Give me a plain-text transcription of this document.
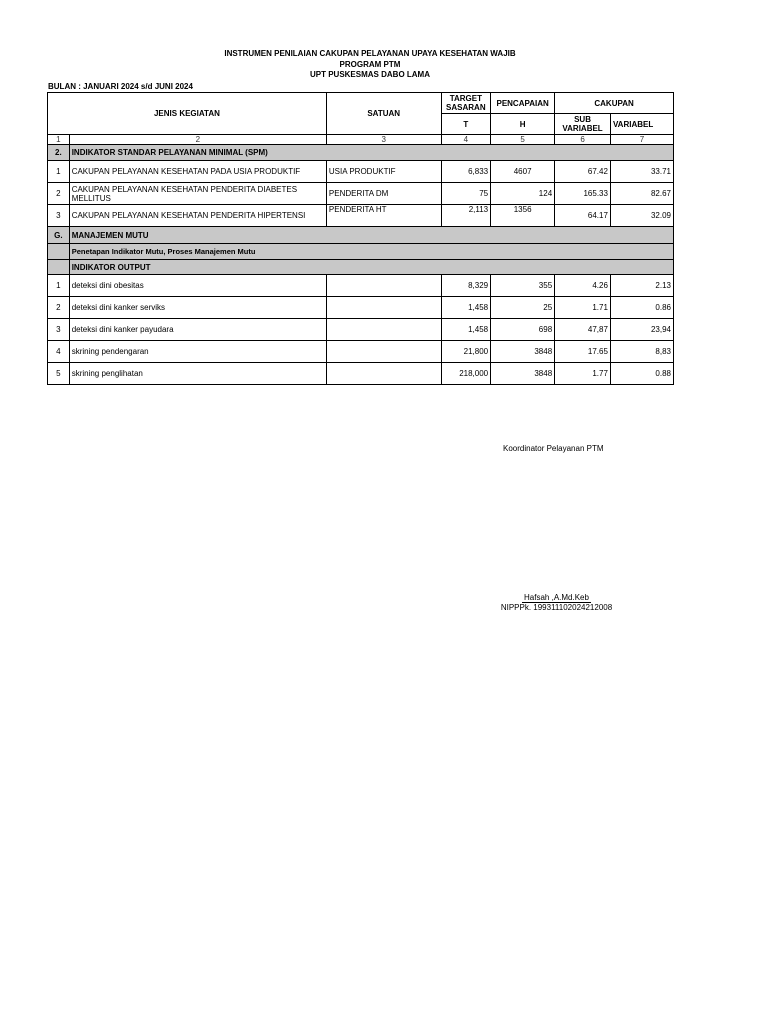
INSTRUMEN PENILAIAN CAKUPAN PELAYANAN UPAYA KESEHATAN WAJIB
PROGRAM PTM
UPT PUSKESMAS DABO LAMA
BULAN : JANUARI 2024 s/d JUNI 2024
JENIS KEGIATAN		SATUAN	TARGET SASARAN	PENCAPAIAN	CAKUPAN	
			T	H	SUB VARIABEL	VARIABEL
1	2	3	4	5	6	7
2.	INDIKATOR STANDAR PELAYANAN MINIMAL (SPM)					
1	CAKUPAN PELAYANAN KESEHATAN PADA USIA PRODUKTIF	USIA PRODUKTIF	6,833	4607	67.42	33.71
2	CAKUPAN PELAYANAN KESEHATAN PENDERITA DIABETES MELLITUS	PENDERITA DM	75	124	165.33	82.67
3	CAKUPAN PELAYANAN KESEHATAN PENDERITA HIPERTENSI	PENDERITA HT	2,113	1356	64.17	32.09
G.	MANAJEMEN MUTU					
	Penetapan Indikator Mutu, Proses Manajemen Mutu					
	INDIKATOR OUTPUT					
1	deteksi dini obesitas		8,329	355	4.26	2.13
2	deteksi dini kanker serviks		1,458	25	1.71	0.86
3	deteksi dini kanker payudara		1,458	698	47,87	23,94
4	skrining pendengaran		21,800	3848	17.65	8,83
5	skrining penglihatan		218,000	3848	1.77	0.88
Koordinator Pelayanan PTM
Hafsah ,A.Md.Keb
NIPPPk. 199311102024212008
